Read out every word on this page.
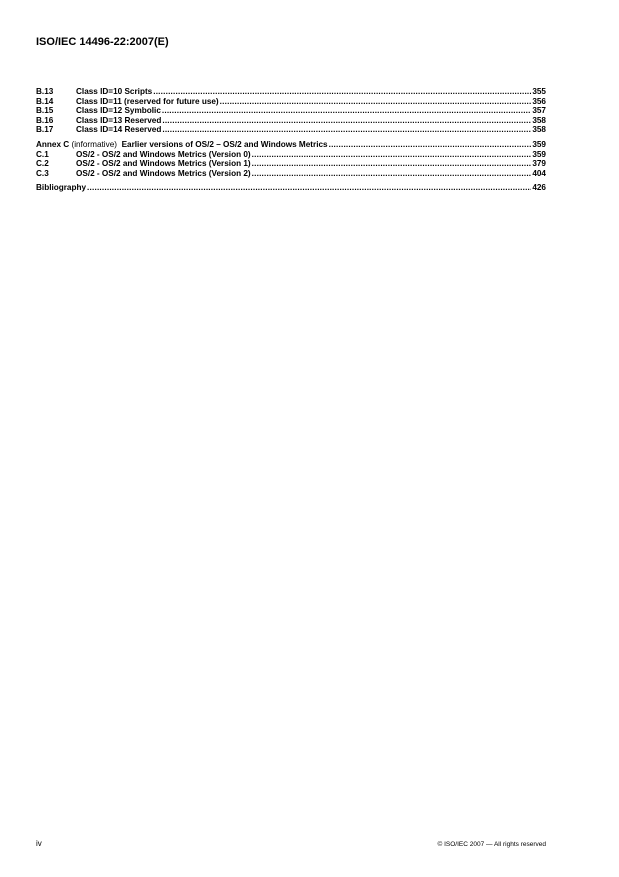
ISO/IEC 14496-22:2007(E)
B.13	Class ID=10 Scripts .....	355
B.14	Class ID=11 (reserved for future use) .....	356
B.15	Class ID=12 Symbolic .....	357
B.16	Class ID=13 Reserved .....	358
B.17	Class ID=14 Reserved .....	358
Annex C (informative) Earlier versions of OS/2 – OS/2 and Windows Metrics .....	359
C.1	OS/2 - OS/2 and Windows Metrics (Version 0) .....	359
C.2	OS/2 - OS/2 and Windows Metrics (Version 1) .....	379
C.3	OS/2 - OS/2 and Windows Metrics (Version 2) .....	404
Bibliography .....	426
iv	© ISO/IEC 2007 — All rights reserved
